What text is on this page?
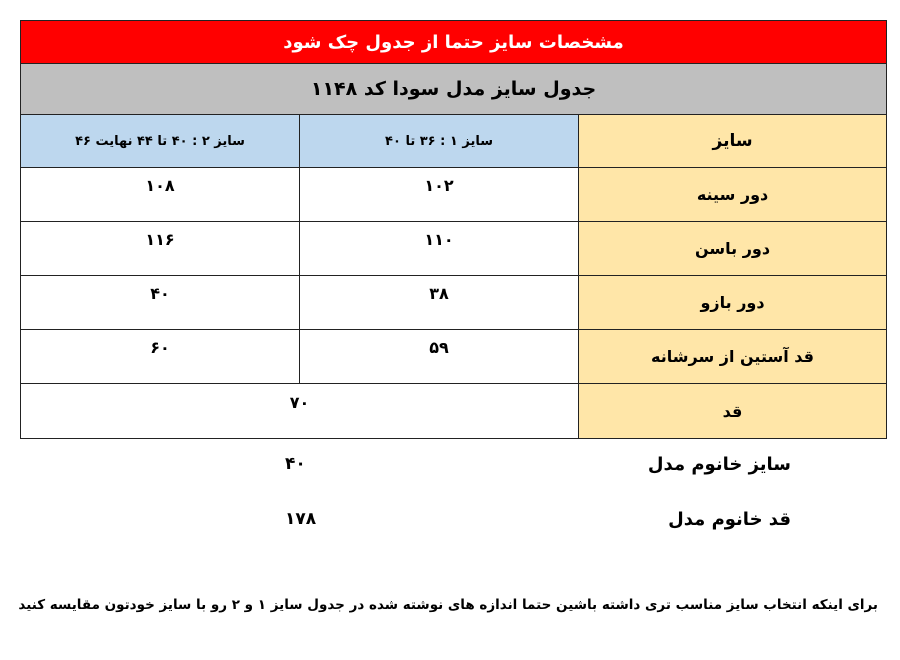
مشخصات سایز حتما از جدول چک شود		
جدول سایز مدل سودا کد ۱۱۴۸		
سایز	سایز ۱ : ۳۶ تا ۴۰	سایز ۲ : ۴۰ تا ۴۴ نهایت ۴۶
دور سینه	۱۰۲	۱۰۸
دور باسن	۱۱۰	۱۱۶
دور بازو	۳۸	۴۰
قد آستین از سرشانه	۵۹	۶۰
قد	۷۰	
سایز خانوم مدل
۴۰
قد خانوم مدل
۱۷۸
برای اینکه انتخاب سایز مناسب تری داشته باشین حتما اندازه های نوشته شده در جدول سایز ۱ و ۲ رو با سایز خودتون مقایسه کنید
